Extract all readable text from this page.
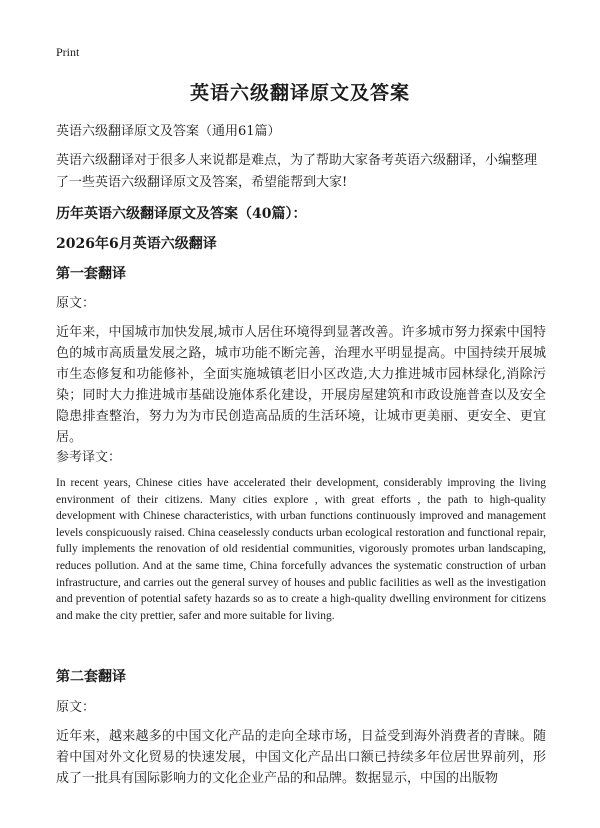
Print
英语六级翻译原文及答案
英语六级翻译原文及答案（通用61篇）
英语六级翻译对于很多人来说都是难点，为了帮助大家备考英语六级翻译，小编整理了一些英语六级翻译原文及答案，希望能帮到大家!
历年英语六级翻译原文及答案（40篇）：
2026年6月英语六级翻译
第一套翻译
原文：
近年来，中国城市加快发展,城市人居住环境得到显著改善。许多城市努力探索中国特色的城市高质量发展之路，城市功能不断完善，治理水平明显提高。中国持续开展城市生态修复和功能修补，全面实施城镇老旧小区改造,大力推进城市园林绿化,消除污染；同时大力推进城市基础设施体系化建设，开展房屋建筑和市政设施普查以及安全隐患排查整治，努力为为市民创造高品质的生活环境，让城市更美丽、更安全、更宜居。
参考译文：
In recent years, Chinese cities have accelerated their development, considerably improving the living environment of their citizens. Many cities explore , with great efforts , the path to high-quality development with Chinese characteristics, with urban functions continuously improved and management levels conspicuously raised. China ceaselessly conducts urban ecological restoration and functional repair, fully implements the renovation of old residential communities, vigorously promotes urban landscaping, reduces pollution. And at the same time, China forcefully advances the systematic construction of urban infrastructure, and carries out the general survey of houses and public facilities as well as the investigation and prevention of potential safety hazards so as to create a high-quality dwelling environment for citizens and make the city prettier, safer and more suitable for living.
第二套翻译
原文：
近年来，越来越多的中国文化产品的走向全球市场，日益受到海外消费者的青睐。随着中国对外文化贸易的快速发展，中国文化产品出口额已持续多年位居世界前列，形成了一批具有国际影响力的文化企业产品的和品牌。数据显示，中国的出版物
